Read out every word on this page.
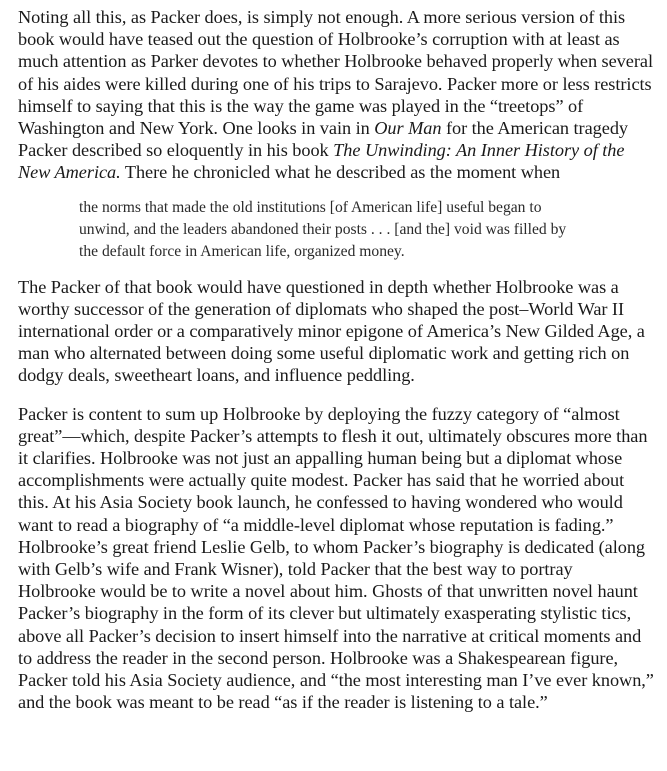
Noting all this, as Packer does, is simply not enough. A more serious version of this book would have teased out the question of Holbrooke’s corruption with at least as much attention as Parker devotes to whether Holbrooke behaved properly when several of his aides were killed during one of his trips to Sarajevo. Packer more or less restricts himself to saying that this is the way the game was played in the “treetops” of Washington and New York. One looks in vain in Our Man for the American tragedy Packer described so eloquently in his book The Unwinding: An Inner History of the New America. There he chronicled what he described as the moment when

the norms that made the old institutions [of American life] useful began to unwind, and the leaders abandoned their posts . . . [and the] void was filled by the default force in American life, organized money.

The Packer of that book would have questioned in depth whether Holbrooke was a worthy successor of the generation of diplomats who shaped the post–World War II international order or a comparatively minor epigone of America’s New Gilded Age, a man who alternated between doing some useful diplomatic work and getting rich on dodgy deals, sweetheart loans, and influence peddling.

Packer is content to sum up Holbrooke by deploying the fuzzy category of “almost great”—which, despite Packer’s attempts to flesh it out, ultimately obscures more than it clarifies. Holbrooke was not just an appalling human being but a diplomat whose accomplishments were actually quite modest. Packer has said that he worried about this. At his Asia Society book launch, he confessed to having wondered who would want to read a biography of “a middle-level diplomat whose reputation is fading.” Holbrooke’s great friend Leslie Gelb, to whom Packer’s biography is dedicated (along with Gelb’s wife and Frank Wisner), told Packer that the best way to portray Holbrooke would be to write a novel about him. Ghosts of that unwritten novel haunt Packer’s biography in the form of its clever but ultimately exasperating stylistic tics, above all Packer’s decision to insert himself into the narrative at critical moments and to address the reader in the second person. Holbrooke was a Shakespearean figure, Packer told his Asia Society audience, and “the most interesting man I’ve ever known,” and the book was meant to be read “as if the reader is listening to a tale.”
